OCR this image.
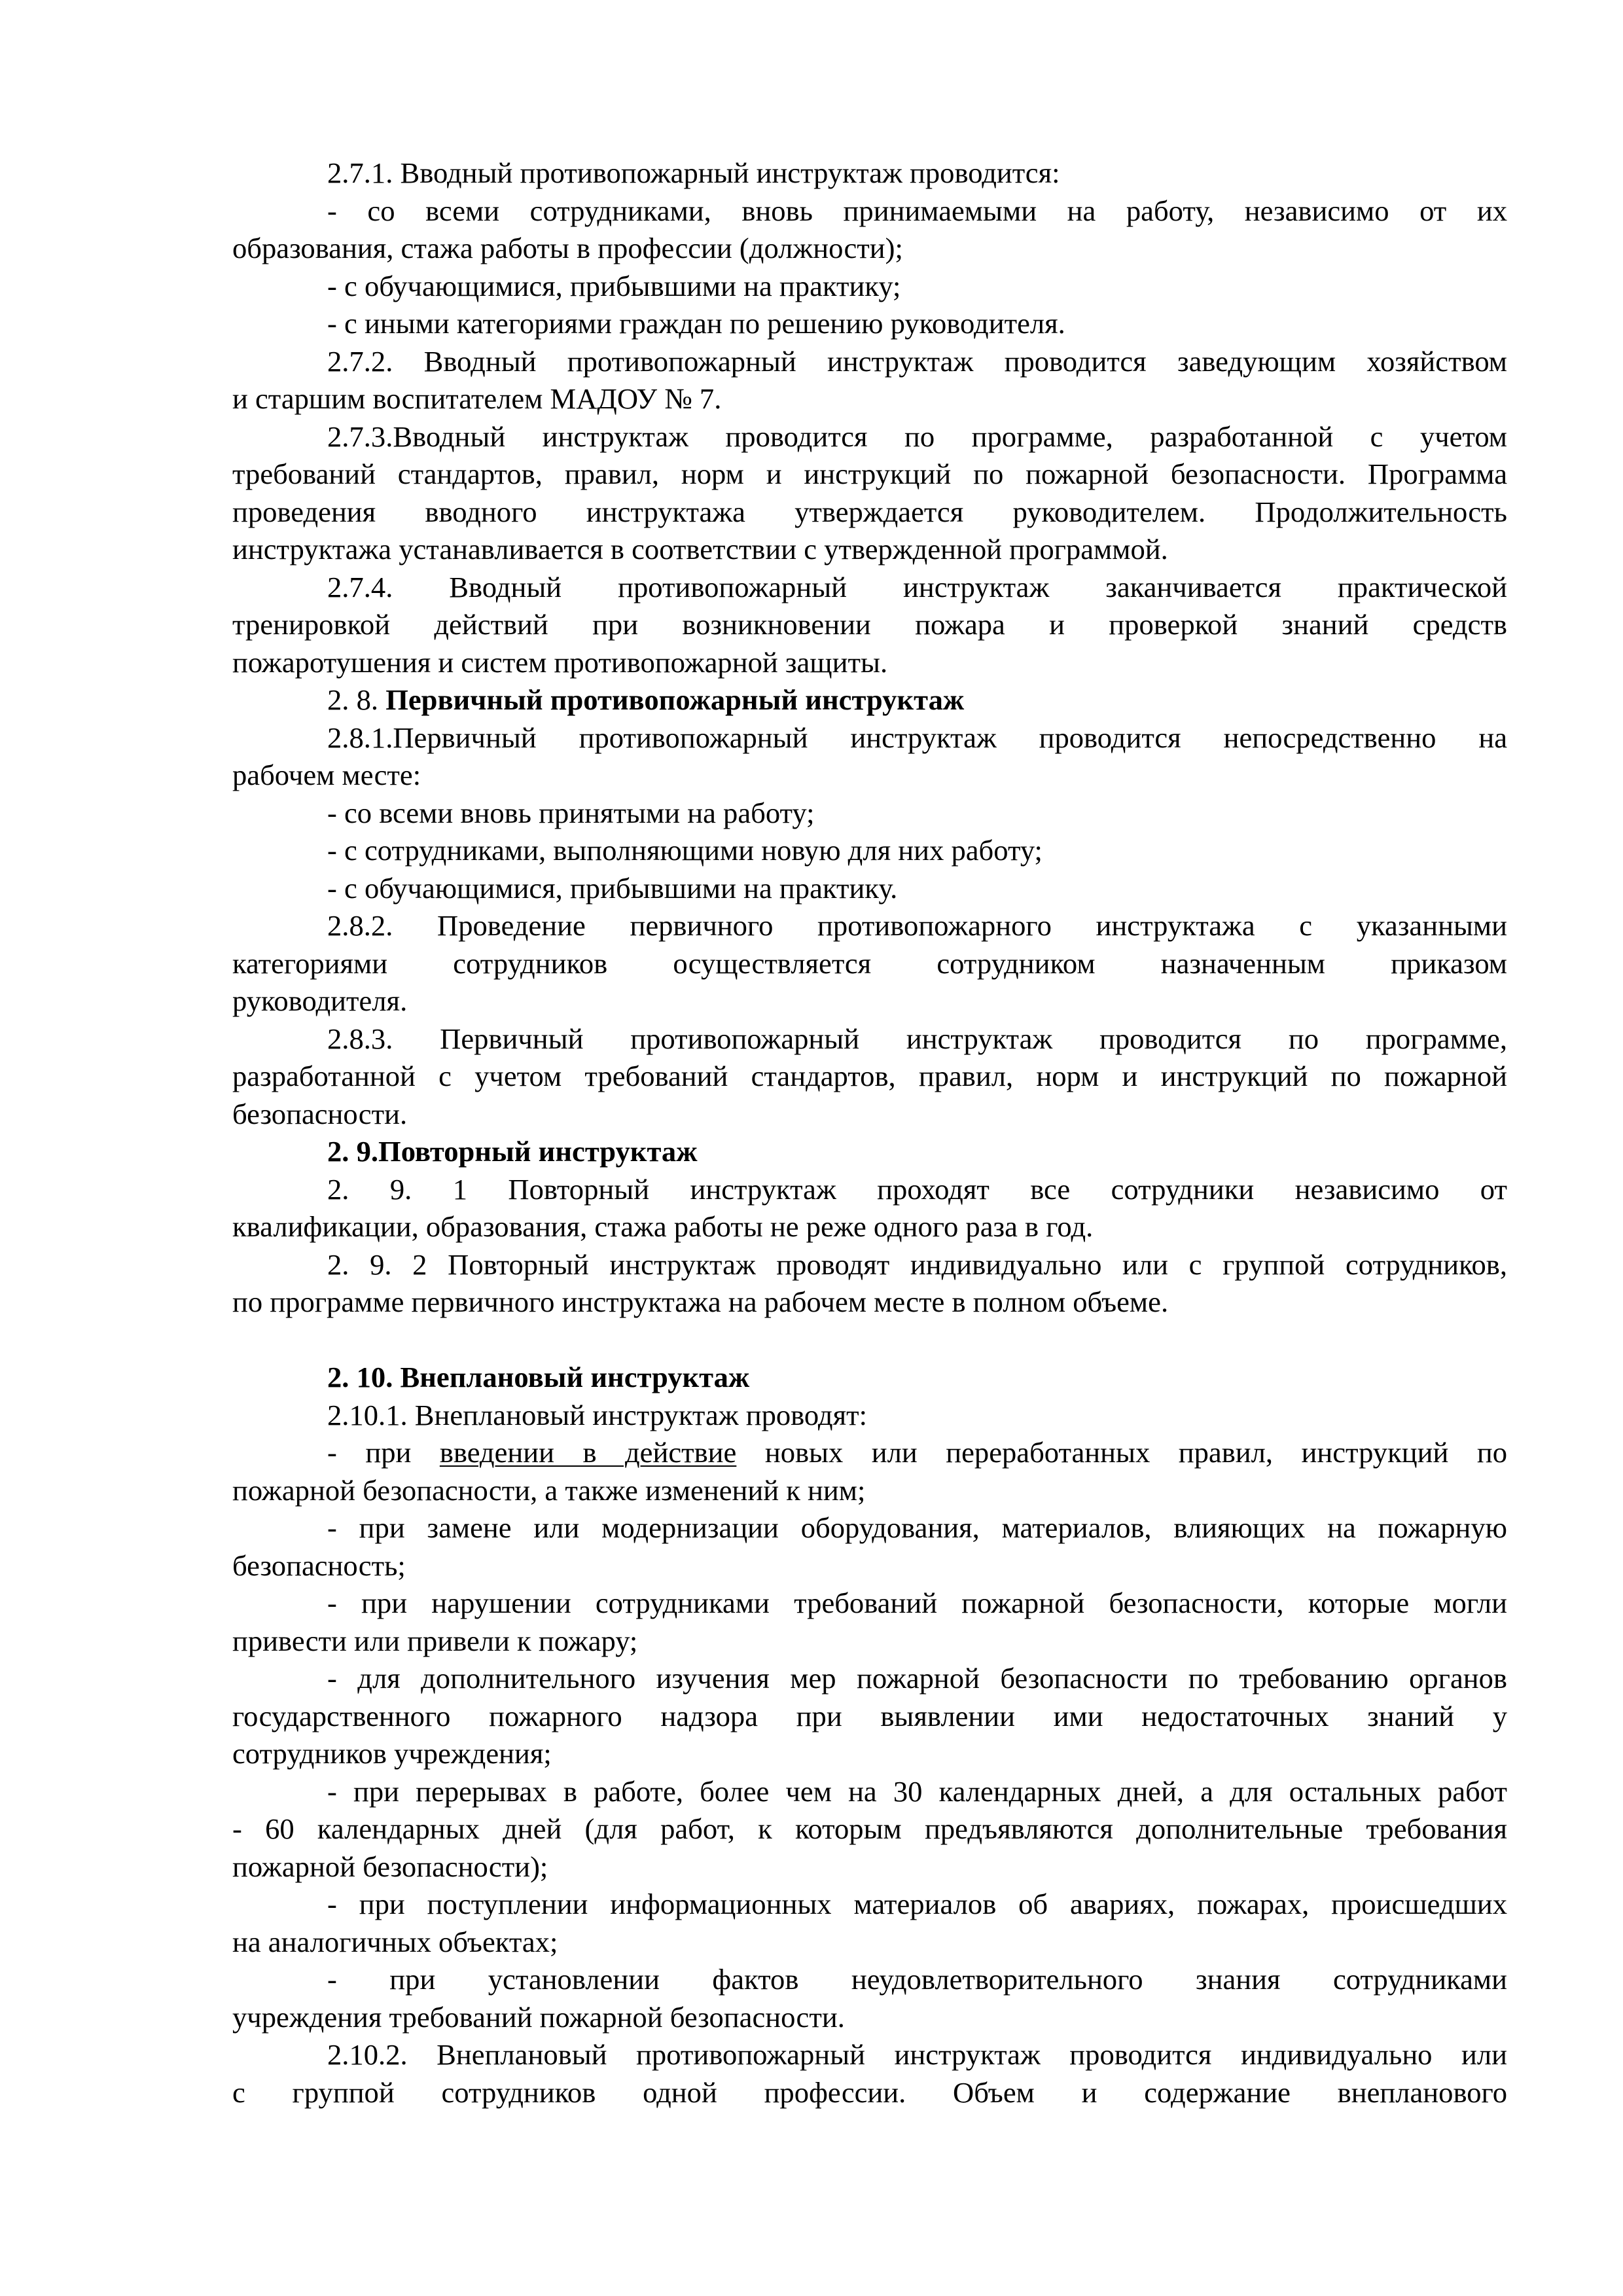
2.7.1. Вводный противопожарный инструктаж проводится:
- со всеми сотрудниками, вновь принимаемыми на работу, независимо от их
образования, стажа работы в профессии (должности);
- с обучающимися, прибывшими на практику;
- с иными категориями граждан по решению руководителя.
2.7.2. Вводный противопожарный инструктаж проводится заведующим хозяйством
и старшим воспитателем МАДОУ № 7.
2.7.3.Вводный инструктаж проводится по программе, разработанной с учетом
требований стандартов, правил, норм и инструкций по пожарной безопасности. Программа
проведения вводного инструктажа утверждается руководителем. Продолжительность
инструктажа устанавливается в соответствии с утвержденной программой.
2.7.4. Вводный противопожарный инструктаж заканчивается практической
тренировкой действий при возникновении пожара и проверкой знаний средств
пожаротушения и систем противопожарной защиты.
2. 8. Первичный противопожарный инструктаж
2.8.1.Первичный противопожарный инструктаж проводится непосредственно на
рабочем месте:
- со всеми вновь принятыми на работу;
- с сотрудниками, выполняющими новую для них работу;
- с обучающимися, прибывшими на практику.
2.8.2. Проведение первичного противопожарного инструктажа с указанными
категориями сотрудников осуществляется сотрудником назначенным приказом
руководителя.
2.8.3. Первичный противопожарный инструктаж проводится по программе,
разработанной с учетом требований стандартов, правил, норм и инструкций по пожарной
безопасности.
2. 9.Повторный инструктаж
2. 9. 1 Повторный инструктаж проходят все сотрудники независимо от
квалификации, образования, стажа работы не реже одного раза в год.
2. 9. 2 Повторный инструктаж проводят индивидуально или с группой сотрудников,
по программе первичного инструктажа на рабочем месте в полном объеме.
2. 10. Внеплановый инструктаж
2.10.1. Внеплановый инструктаж проводят:
- при введении в действие новых или переработанных правил, инструкций по
пожарной безопасности, а также изменений к ним;
- при замене или модернизации оборудования, материалов, влияющих на пожарную
безопасность;
- при нарушении сотрудниками требований пожарной безопасности, которые могли
привести или привели к пожару;
- для дополнительного изучения мер пожарной безопасности по требованию органов
государственного пожарного надзора при выявлении ими недостаточных знаний у
сотрудников учреждения;
- при перерывах в работе, более чем на 30 календарных дней, а для остальных работ
- 60 календарных дней (для работ, к которым предъявляются дополнительные требования
пожарной безопасности);
- при поступлении информационных материалов об авариях, пожарах, происшедших
на аналогичных объектах;
- при установлении фактов неудовлетворительного знания сотрудниками
учреждения требований пожарной безопасности.
2.10.2. Внеплановый противопожарный инструктаж проводится индивидуально или
с группой сотрудников одной профессии. Объем и содержание внепланового
